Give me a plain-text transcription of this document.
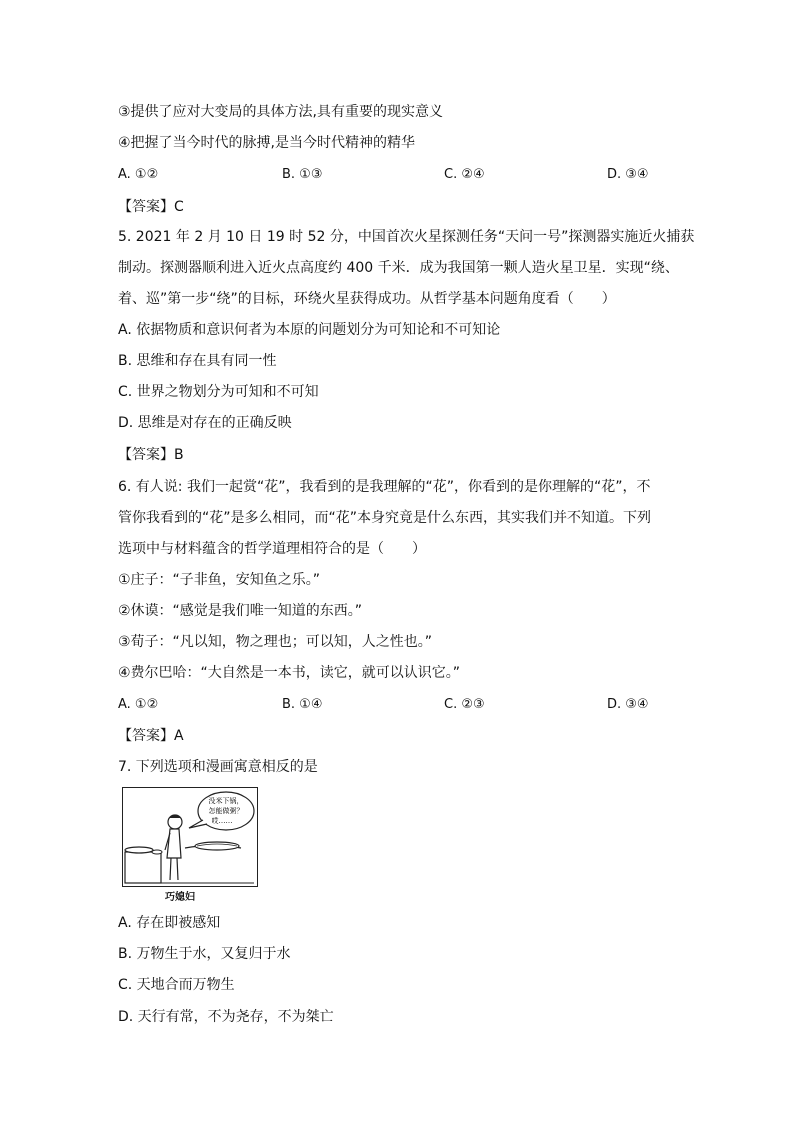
③提供了应对大变局的具体方法,具有重要的现实意义
④把握了当今时代的脉搏,是当今时代精神的精华
A. ①②	B. ①③	C. ②④	D. ③④
【答案】C
5. 2021 年 2 月 10 日 19 时 52 分，中国首次火星探测任务“天问一号”探测器实施近火捕获
制动。探测器顺利进入近火点高度约 400 千米．成为我国第一颗人造火星卫星．实现“绕、
着、巡”第一步“绕”的目标，环绕火星获得成功。从哲学基本问题角度看（　　）
A. 依据物质和意识何者为本原的问题划分为可知论和不可知论
B. 思维和存在具有同一性
C. 世界之物划分为可知和不可知
D. 思维是对存在的正确反映
【答案】B
6. 有人说: 我们一起赏“花”，我看到的是我理解的“花”，你看到的是你理解的“花”，不
管你我看到的“花”是多么相同，而“花”本身究竟是什么东西，其实我们并不知道。下列
选项中与材料蕴含的哲学道理相符合的是（　　）
①庄子：“子非鱼，安知鱼之乐。”
②休谟：“感觉是我们唯一知道的东西。”
③荀子：“凡以知，物之理也；可以知，人之性也。”
④费尔巴哈：“大自然是一本书，读它，就可以认识它。”
A. ①②	B. ①④	C. ②③	D. ③④
【答案】A
7. 下列选项和漫画寓意相反的是
没米下锅，
怎能做粥？
哎……
巧媳妇
A. 存在即被感知
B. 万物生于水，又复归于水
C. 天地合而万物生
D. 天行有常，不为尧存，不为桀亡
